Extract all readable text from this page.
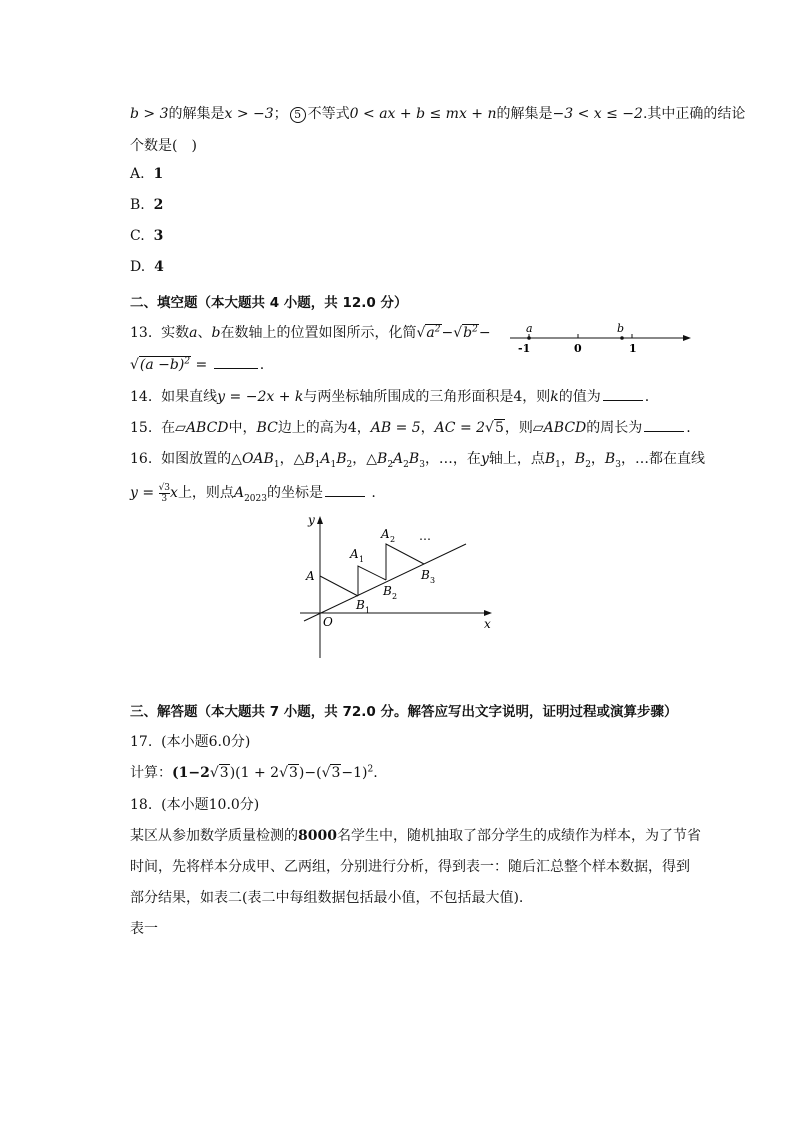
b > 3的解集是x > −3； 5 不等式0 < ax + b ≤ mx + n的解集是−3 < x ≤ −2.其中正确的结论
个数是(　)
A. 1
B. 2
C. 3
D. 4
二、填空题（本大题共 4 小题，共 12.0 分）
13. 实数a、b在数轴上的位置如图所示，化简$√a^2-√b^2-$
$√(a -b)^2$ =	.
a	b
-1	0	1
14. 如果直线y = −2x + k与两坐标轴所围成的三角形面积是4，则k的值为	.
15. 在▱ABCD中，BC边上的高为4，AB = 5，AC = 2√5，则▱ABCD的周长为	.
16. 如图放置的$\triangle OAB_1$，$\triangle B_1A_1B_2$，$\triangle B_2A_2B_3$，…，在y轴上，点$B_1$，$B_2$，$B_3$，…都在直线
$y = \frac{√3}{3}$ x上，则点$A_{2023}$的坐标是	.
y
x
O
A
A 1
A 2 …
B 1
B 2
B 3
三、解答题（本大题共 7 小题，共 72.0 分。解答应写出文字说明，证明过程或演算步骤）
17. (本小题6.0分)
计算：$(1-2√3)(1 + 2√3)-(√3-1)^2$.
18. (本小题10.0分)
某区从参加数学质量检测的8000名学生中，随机抽取了部分学生的成绩作为样本，为了节省
时间，先将样本分成甲、乙两组，分别进行分析，得到表一：随后汇总整个样本数据，得到
部分结果，如表二(表二中每组数据包括最小值，不包括最大值).
表一
